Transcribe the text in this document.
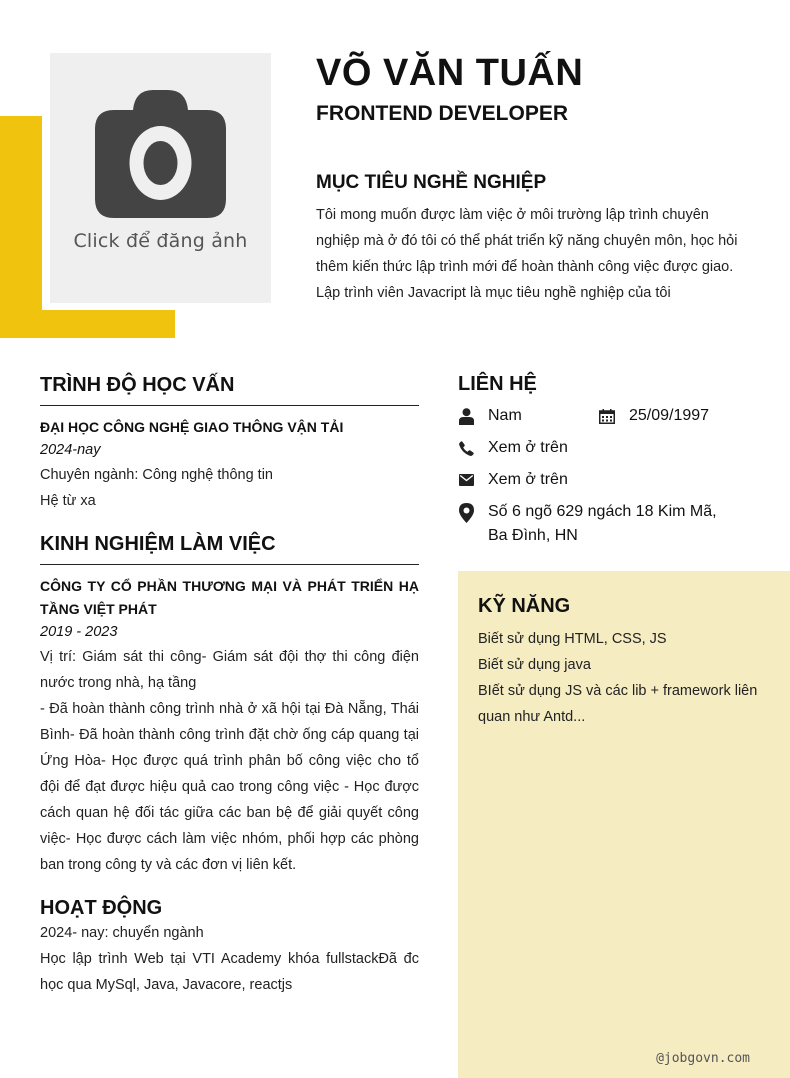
Click để đăng ảnh
VÕ VĂN TUẤN
FRONTEND DEVELOPER
MỤC TIÊU NGHỀ NGHIỆP
Tôi mong muốn được làm việc ở môi trường lập trình chuyên nghiệp mà ở đó tôi có thể phát triển kỹ năng chuyên môn, học hỏi thêm kiến thức lập trình mới để hoàn thành công việc được giao. Lập trình viên Javacript là mục tiêu nghề nghiệp của tôi
TRÌNH ĐỘ HỌC VẤN
ĐẠI HỌC CÔNG NGHỆ GIAO THÔNG VẬN TẢI
2024-nay
Chuyên ngành: Công nghệ thông tin
Hệ từ xa
KINH NGHIỆM LÀM VIỆC
CÔNG TY CỔ PHẦN THƯƠNG MẠI VÀ PHÁT TRIỂN HẠ TẦNG VIỆT PHÁT
2019 - 2023
Vị trí: Giám sát thi công- Giám sát đội thợ thi công điện nước trong nhà, hạ tầng
- Đã hoàn thành công trình nhà ở xã hội tại Đà Nẵng, Thái Bình- Đã hoàn thành công trình đặt chờ ống cáp quang tại Ứng Hòa- Học được quá trình phân bố công việc cho tổ đội để đạt được hiệu quả cao trong công việc - Học được cách quan hệ đối tác giữa các ban bệ để giải quyết công việc- Học được cách làm việc nhóm, phối hợp các phòng ban trong công ty và các đơn vị liên kết.
HOẠT ĐỘNG
2024- nay: chuyển ngành
Học lập trình Web tại VTI Academy khóa fullstackĐã đc học qua MySql, Java, Javacore, reactjs
LIÊN HỆ
Nam	25/09/1997
Xem ở trên
Xem ở trên
Số 6 ngõ 629 ngách 18 Kim Mã, Ba Đình, HN
KỸ NĂNG
Biết sử dụng HTML, CSS, JS
Biết sử dụng java
BIết sử dụng JS và các lib + framework liên quan như Antd...
@jobgovn.com
